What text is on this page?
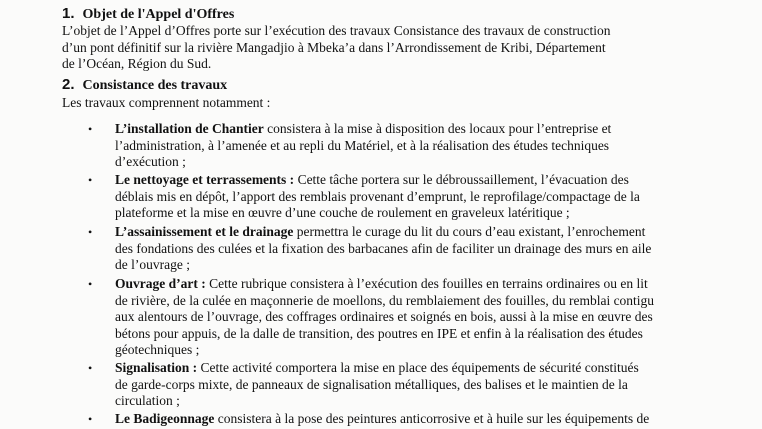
1. Objet de l'Appel d'Offres
L’objet de l’Appel d’Offres porte sur l’exécution des travaux Consistance des travaux de construction
d’un pont définitif sur la rivière Mangadjio à Mbeka’a dans l’Arrondissement de Kribi, Département
de l’Océan, Région du Sud.
2. Consistance des travaux
Les travaux comprennent notamment :
•	L’installation de Chantier consistera à la mise à disposition des locaux pour l’entreprise et
l’administration, à l’amenée et au repli du Matériel, et à la réalisation des études techniques
d’exécution ;
•	Le nettoyage et terrassements : Cette tâche portera sur le débroussaillement, l’évacuation des
déblais mis en dépôt, l’apport des remblais provenant d’emprunt, le reprofilage/compactage de la
plateforme et la mise en œuvre d’une couche de roulement en graveleux latéritique ;
•	L’assainissement et le drainage permettra le curage du lit du cours d’eau existant, l’enrochement
des fondations des culées et la fixation des barbacanes afin de faciliter un drainage des murs en aile
de l’ouvrage ;
•	Ouvrage d’art : Cette rubrique consistera à l’exécution des fouilles en terrains ordinaires ou en lit
de rivière, de la culée en maçonnerie de moellons, du remblaiement des fouilles, du remblai contigu
aux alentours de l’ouvrage, des coffrages ordinaires et soignés en bois, aussi à la mise en œuvre des
bétons pour appuis, de la dalle de transition, des poutres en IPE et enfin à la réalisation des études
géotechniques ;
•	Signalisation : Cette activité comportera la mise en place des équipements de sécurité constitués
de garde-corps mixte, de panneaux de signalisation métalliques, des balises et le maintien de la
circulation ;
•	Le Badigeonnage consistera à la pose des peintures anticorrosive et à huile sur les équipements de
